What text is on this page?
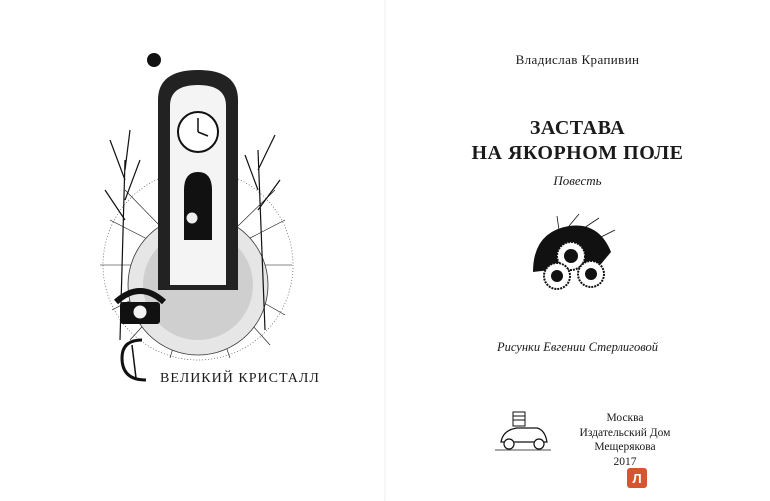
ВЕЛИКИЙ КРИСТАЛЛ
Владислав Крапивин
ЗАСТАВА
НА ЯКОРНОМ ПОЛЕ
Повесть
Рисунки Евгении Стерлиговой
Москва
Издательский Дом
Мещерякова
2017
Л
